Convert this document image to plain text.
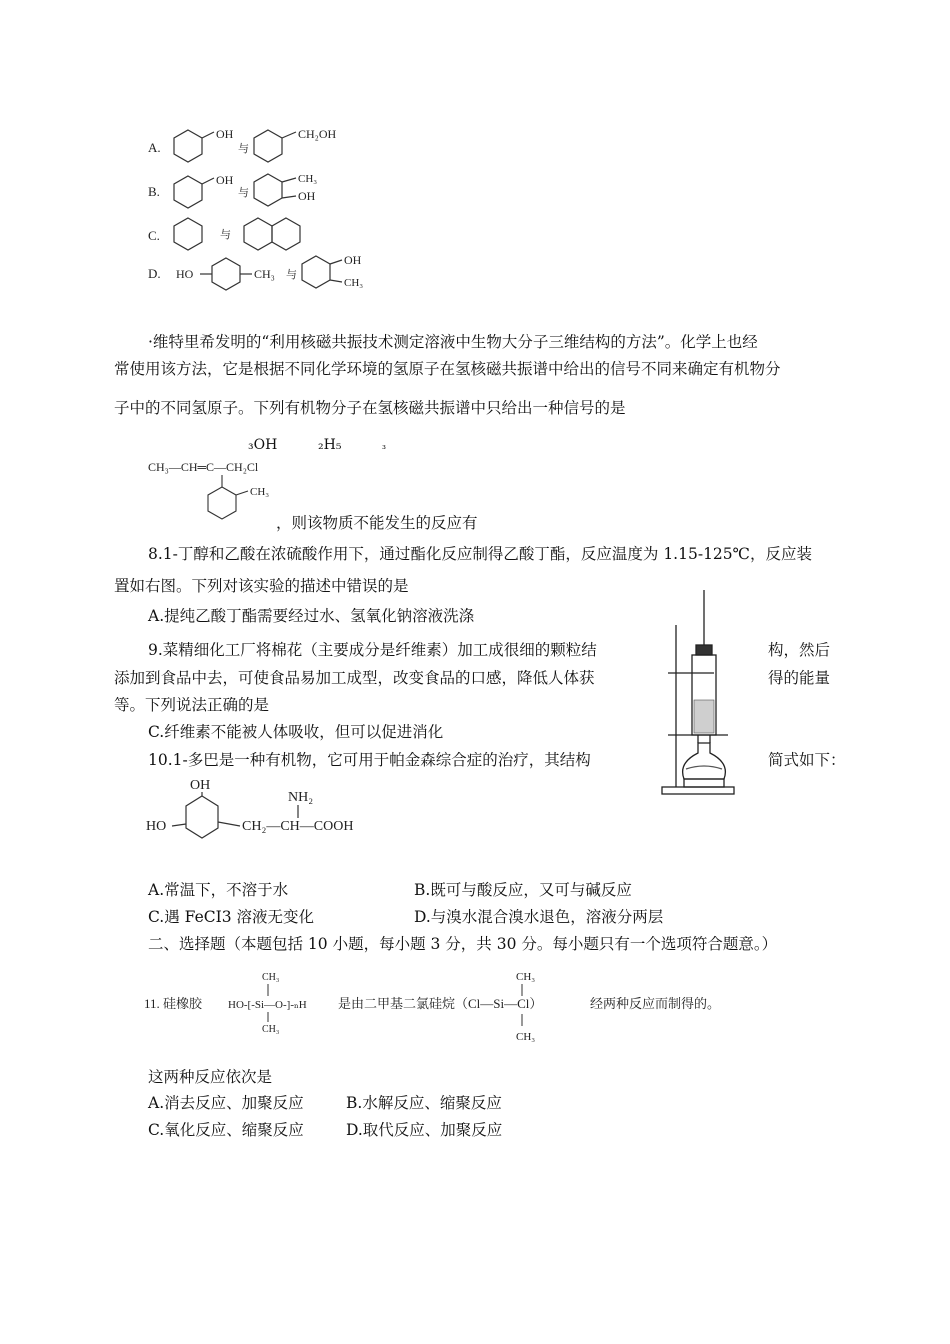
A.
OH
与
CH₂OH
B.
OH
与
CH₃
OH
C.	与
D. HO	CH₃ 与
OH
CH₃
·维特里希发明的“利用核磁共振技术测定溶液中生物大分子三维结构的方法”。化学上也经
常使用该方法，它是根据不同化学环境的氢原子在氢核磁共振谱中给出的信号不同来确定有机物分
子中的不同氢原子。下列有机物分子在氢核磁共振谱中只给出一种信号的是
₃OH	₂H₅	₃
CH₃—CH═C—CH₂Cl
CH₃
，则该物质不能发生的反应有
8.1-丁醇和乙酸在浓硫酸作用下，通过酯化反应制得乙酸丁酯，反应温度为 1.15-125℃，反应装
置如右图。下列对该实验的描述中错误的是
A.提纯乙酸丁酯需要经过水、氢氧化钠溶液洗涤
9.菜精细化工厂将棉花（主要成分是纤维素）加工成很细的颗粒结	构，然后
添加到食品中去，可使食品易加工成型，改变食品的口感，降低人体获	得的能量
等。下列说法正确的是
C.纤维素不能被人体吸收，但可以促进消化
10.1-多巴是一种有机物，它可用于帕金森综合症的治疗，其结构	简式如下：
OH
HO
NH₂
CH₂—CH—COOH
A.常温下，不溶于水	B.既可与酸反应，又可与碱反应
C.遇 FeCI3 溶液无变化	D.与溴水混合溴水退色，溶液分两层
二、选择题（本题包括 10 小题，每小题 3 分，共 30 分。每小题只有一个选项符合题意。）
11. 硅橡胶
CH₃
HO-[-Si—O-]-ₙH
CH₃
是由二甲基二氯硅烷（Cl—Si—Cl）
CH₃
CH₃
经两种反应而制得的。
这两种反应依次是
A.消去反应、加聚反应	B.水解反应、缩聚反应
C.氧化反应、缩聚反应	D.取代反应、加聚反应
